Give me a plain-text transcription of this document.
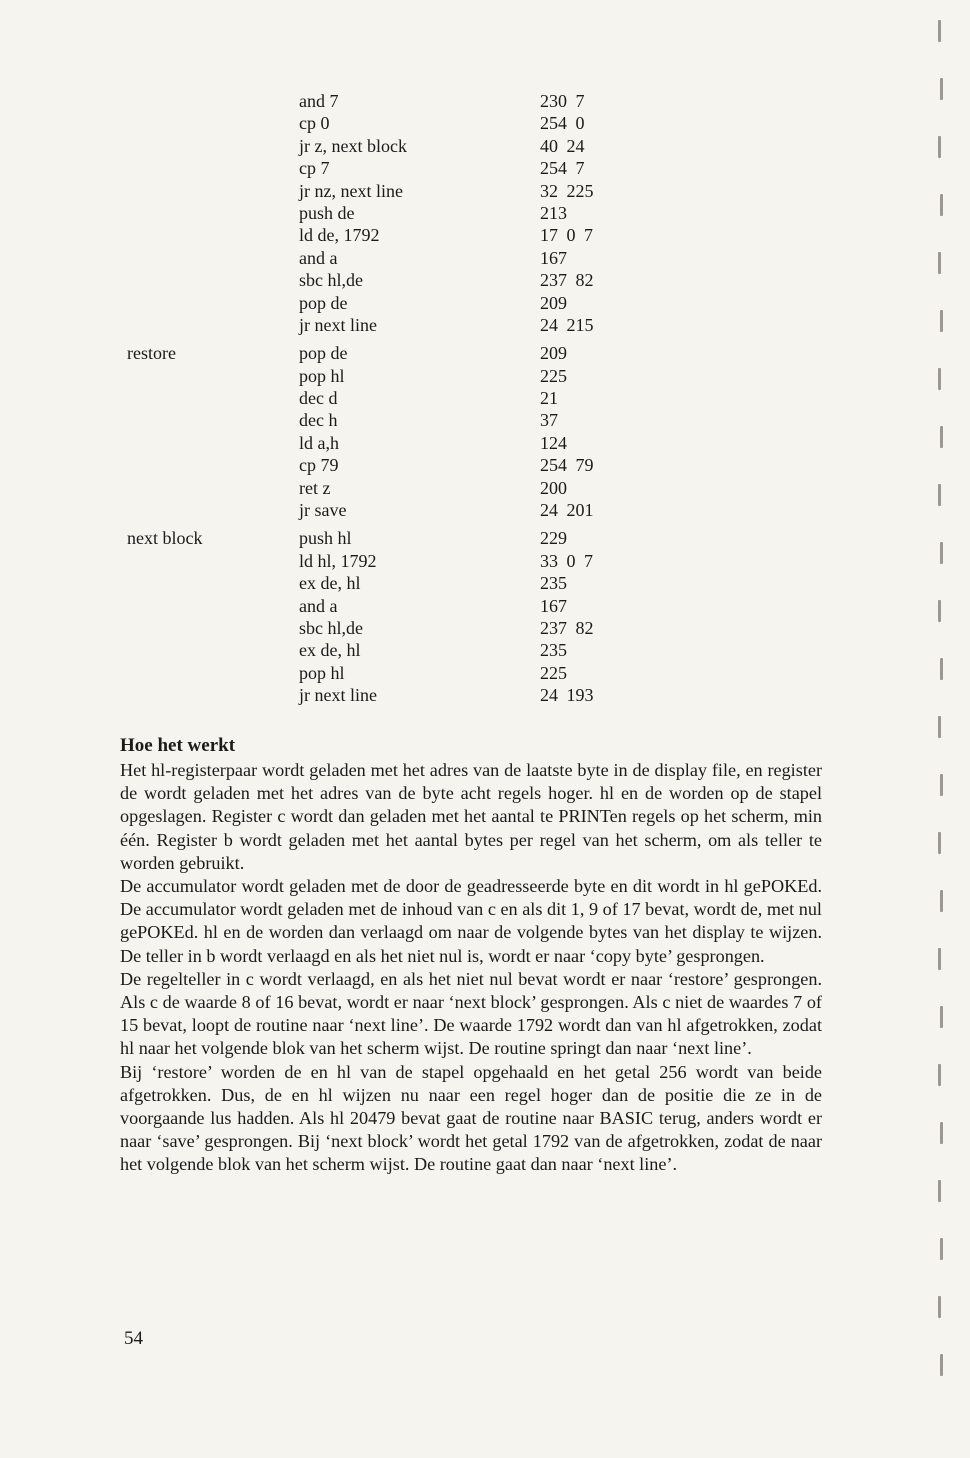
and 7	230 7
cp 0	254 0
jr z, next block	40 24
cp 7	254 7
jr nz, next line	32 225
push de	213
ld de, 1792	17 0 7
and a	167
sbc hl,de	237 82
pop de	209
jr next line	24 215
restore	pop de	209
pop hl	225
dec d	21
dec h	37
ld a,h	124
cp 79	254 79
ret z	200
jr save	24 201
next block	push hl	229
ld hl, 1792	33 0 7
ex de, hl	235
and a	167
sbc hl,de	237 82
ex de, hl	235
pop hl	225
jr next line	24 193
Hoe het werkt

Het hl-registerpaar wordt geladen met het adres van de laatste byte in de display file, en register de wordt geladen met het adres van de byte acht regels hoger. hl en de worden op de stapel opgeslagen. Register c wordt dan geladen met het aantal te PRINTen regels op het scherm, min één. Register b wordt geladen met het aantal bytes per regel van het scherm, om als teller te worden gebruikt.

De accumulator wordt geladen met de door de geadresseerde byte en dit wordt in hl gePOKEd. De accumulator wordt geladen met de inhoud van c en als dit 1, 9 of 17 bevat, wordt de, met nul gePOKEd. hl en de worden dan verlaagd om naar de volgende bytes van het display te wijzen. De teller in b wordt verlaagd en als het niet nul is, wordt er naar ‘copy byte’ gesprongen.

De regelteller in c wordt verlaagd, en als het niet nul bevat wordt er naar ‘restore’ gesprongen. Als c de waarde 8 of 16 bevat, wordt er naar ‘next block’ gesprongen. Als c niet de waardes 7 of 15 bevat, loopt de routine naar ‘next line’. De waarde 1792 wordt dan van hl afgetrokken, zodat hl naar het volgende blok van het scherm wijst. De routine springt dan naar ‘next line’.

Bij ‘restore’ worden de en hl van de stapel opgehaald en het getal 256 wordt van beide afgetrokken. Dus, de en hl wijzen nu naar een regel hoger dan de positie die ze in de voorgaande lus hadden. Als hl 20479 bevat gaat de routine naar BASIC terug, anders wordt er naar ‘save’ gesprongen. Bij ‘next block’ wordt het getal 1792 van de afgetrokken, zodat de naar het volgende blok van het scherm wijst. De routine gaat dan naar ‘next line’.

54
